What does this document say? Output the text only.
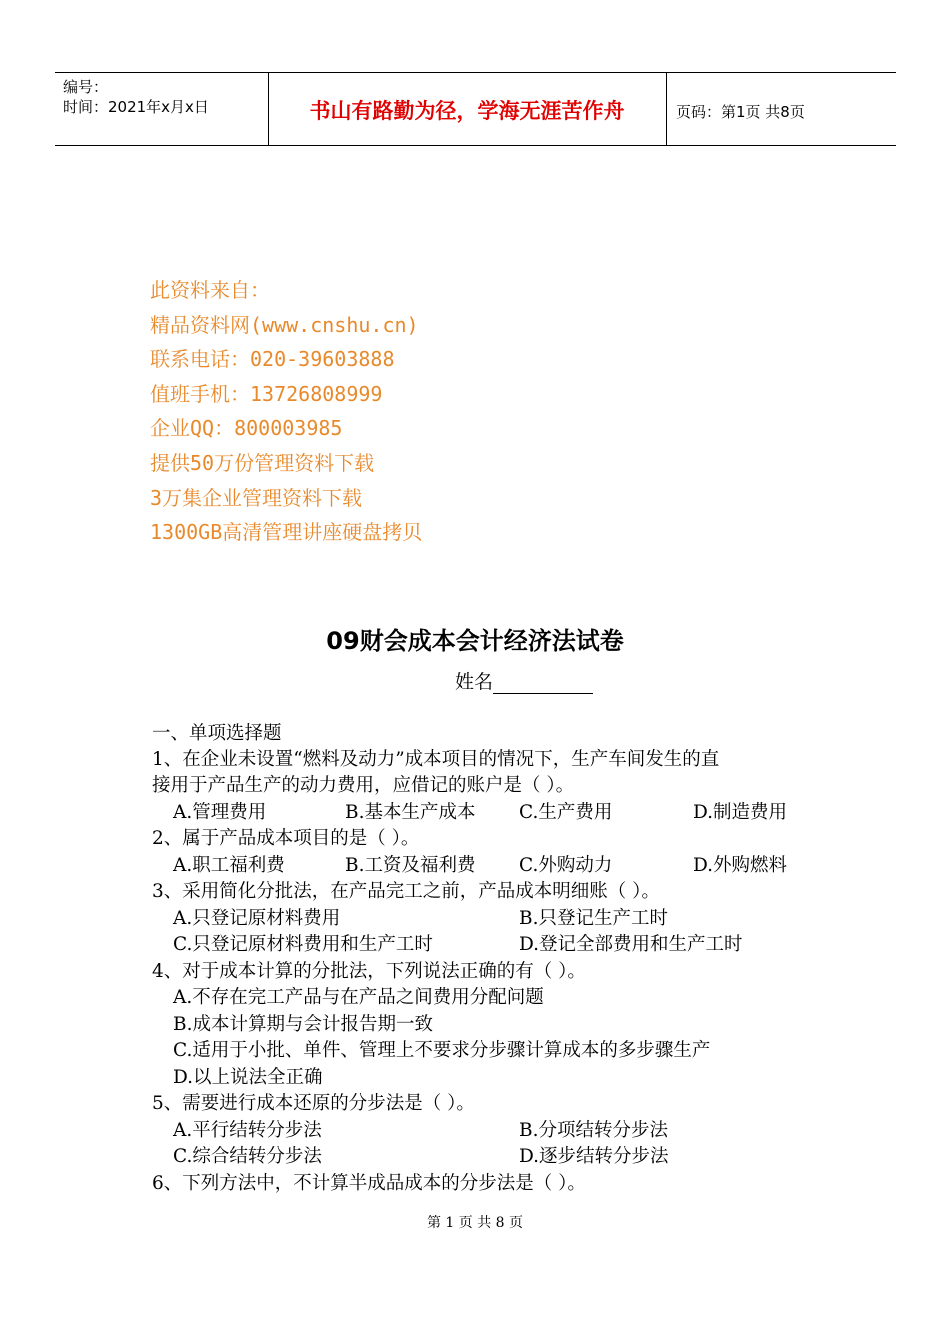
编号：
时间：2021年x月x日	书山有路勤为径，学海无涯苦作舟	页码：第1页 共8页
此资料来自：
精品资料网(www.cnshu.cn)
联系电话：020-39603888
值班手机：13726808999
企业QQ：800003985
提供50万份管理资料下载
3万集企业管理资料下载
1300GB高清管理讲座硬盘拷贝
09财会成本会计经济法试卷
姓名
一、单项选择题
1、在企业未设置“燃料及动力”成本项目的情况下，生产车间发生的直
接用于产品生产的动力费用，应借记的账户是（ ）。
A.管理费用	B.基本生产成本 C.生产费用	D.制造费用
2、属于产品成本项目的是（ ）。
A.职工福利费	B.工资及福利费 C.外购动力	D.外购燃料
3、采用简化分批法，在产品完工之前，产品成本明细账（ ）。
A.只登记原材料费用	B.只登记生产工时
C.只登记原材料费用和生产工时	D.登记全部费用和生产工时
4、对于成本计算的分批法，下列说法正确的有（ ）。
A.不存在完工产品与在产品之间费用分配问题
B.成本计算期与会计报告期一致
C.适用于小批、单件、管理上不要求分步骤计算成本的多步骤生产
D.以上说法全正确
5、需要进行成本还原的分步法是（ ）。
A.平行结转分步法	B.分项结转分步法
C.综合结转分步法	D.逐步结转分步法
6、下列方法中，不计算半成品成本的分步法是（ ）。
第 1 页 共 8 页
